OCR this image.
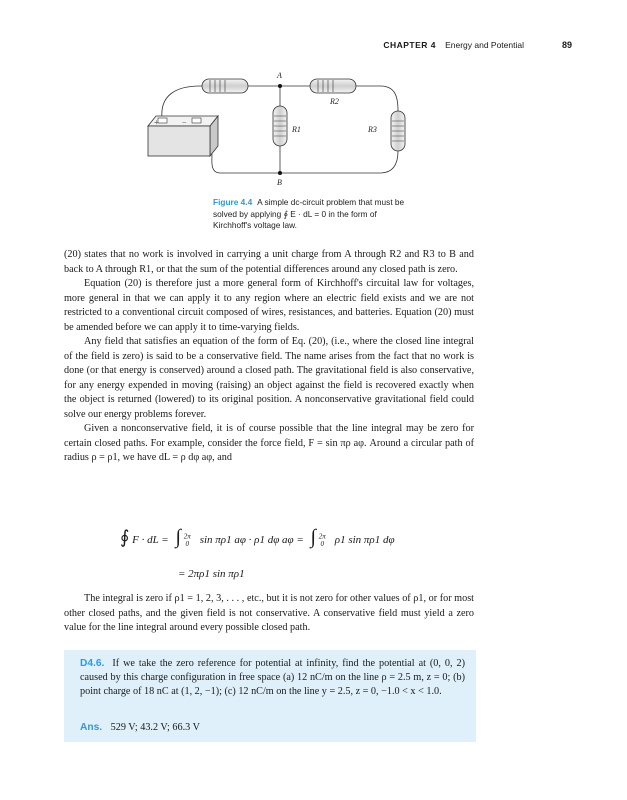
CHAPTER 4 Energy and Potential	89
+	−
A
B
R1
R2
R3
Figure 4.4 A simple dc-circuit problem that must be solved by applying ∮ E · dL = 0 in the form of Kirchhoff's voltage law.

(20) states that no work is involved in carrying a unit charge from A through R2 and R3 to B and back to A through R1, or that the sum of the potential differences around any closed path is zero.

Equation (20) is therefore just a more general form of Kirchhoff's circuital law for voltages, more general in that we can apply it to any region where an electric field exists and we are not restricted to a conventional circuit composed of wires, resistances, and batteries. Equation (20) must be amended before we can apply it to time-varying fields.

Any field that satisfies an equation of the form of Eq. (20), (i.e., where the closed line integral of the field is zero) is said to be a conservative field. The name arises from the fact that no work is done (or that energy is conserved) around a closed path. The gravitational field is also conservative, for any energy expended in moving (raising) an object against the field is recovered exactly when the object is returned (lowered) to its original position. A nonconservative gravitational field could solve our energy problems forever.

Given a nonconservative field, it is of course possible that the line integral may be zero for certain closed paths. For example, consider the force field, F = sin πρ aφ. Around a circular path of radius ρ = ρ1, we have dL = ρ dφ aφ, and

∮ F · dL = ∫ $^{2\pi}$ $_0$ sin πρ1 aφ · ρ1 dφ aφ = ∫ $^{2\pi}$ $_0$ ρ1 sin πρ1 dφ
= 2πρ1 sin πρ1

The integral is zero if ρ1 = 1, 2, 3, . . . , etc., but it is not zero for other values of ρ1, or for most other closed paths, and the given field is not conservative. A conservative field must yield a zero value for the line integral around every possible closed path.

D4.6. If we take the zero reference for potential at infinity, find the potential at (0, 0, 2) caused by this charge configuration in free space (a) 12 nC/m on the line ρ = 2.5 m, z = 0; (b) point charge of 18 nC at (1, 2, −1); (c) 12 nC/m on the line y = 2.5, z = 0, −1.0 < x < 1.0.
Ans. 529 V; 43.2 V; 66.3 V
